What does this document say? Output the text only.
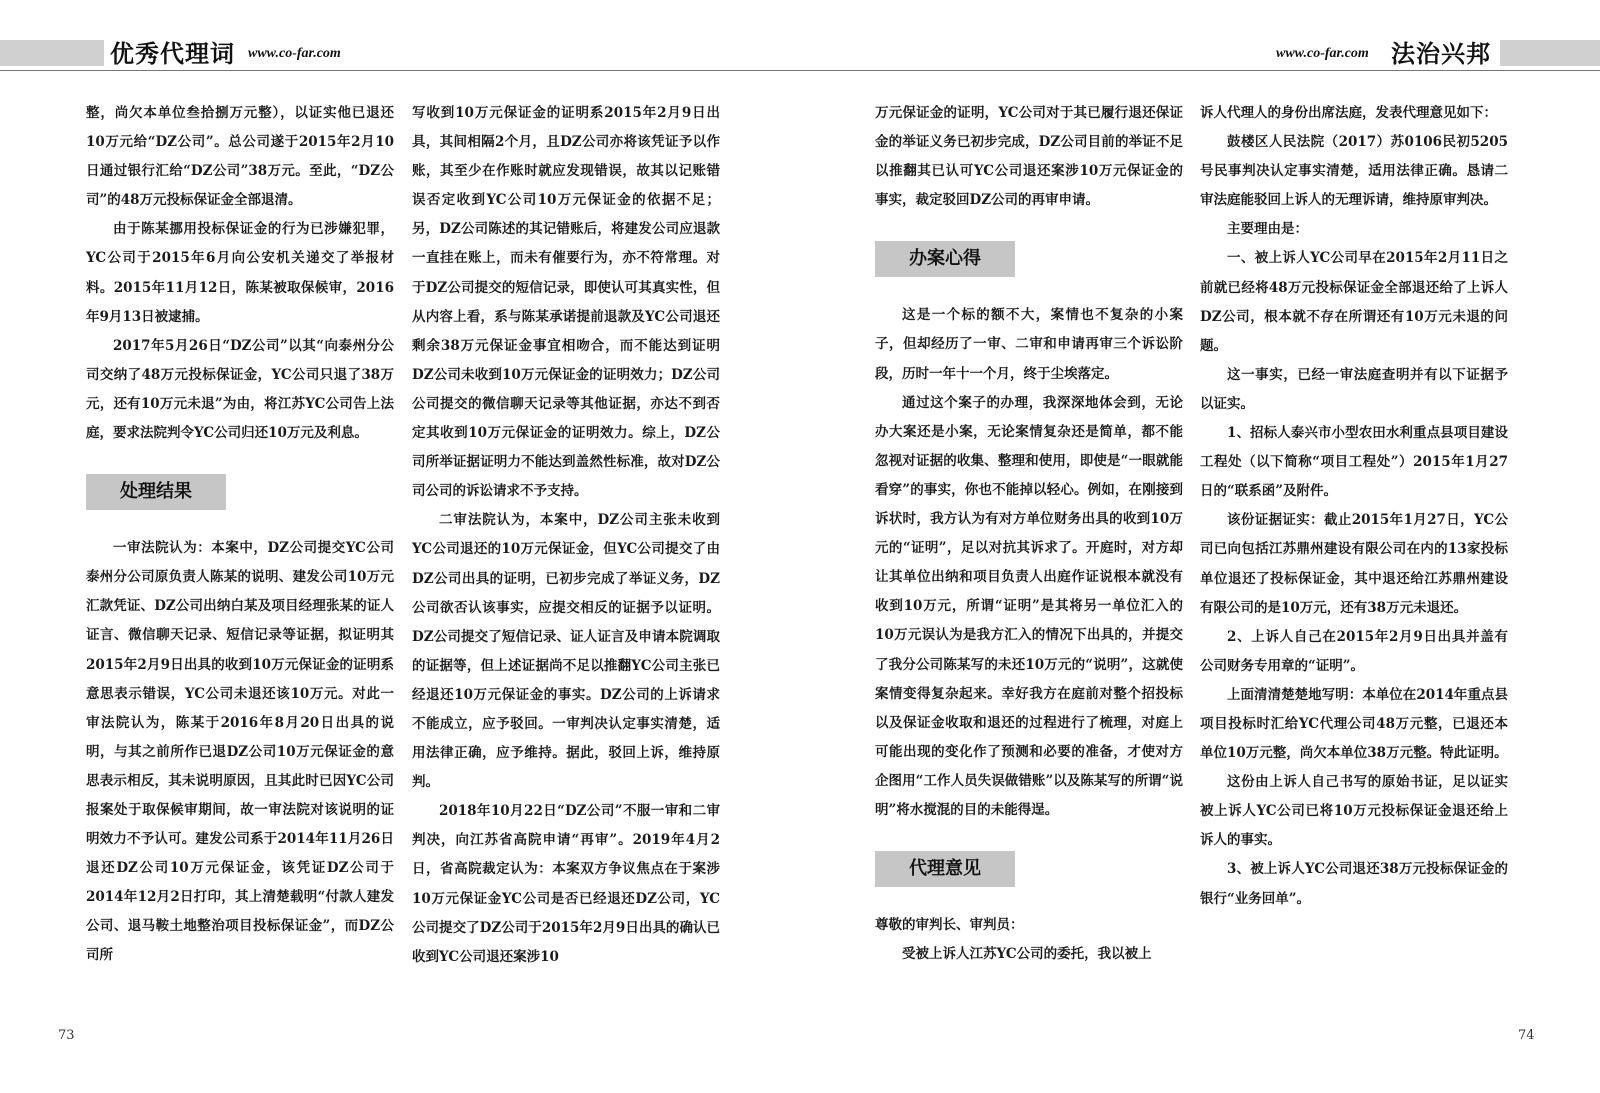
优秀代理词 www.co-far.com	www.co-far.com 法治兴邦

整，尚欠本单位叁拾捌万元整），以证实他已退还10万元给“DZ公司”。总公司遂于2015年2月10日通过银行汇给“DZ公司”38万元。至此，“DZ公司”的48万元投标保证金全部退清。

由于陈某挪用投标保证金的行为已涉嫌犯罪，YC公司于2015年6月向公安机关递交了举报材料。2015年11月12日，陈某被取保候审，2016年9月13日被逮捕。

2017年5月26日“DZ公司”以其“向泰州分公司交纳了48万元投标保证金，YC公司只退了38万元，还有10万元未退”为由，将江苏YC公司告上法庭，要求法院判令YC公司归还10万元及利息。

处理结果

一审法院认为：本案中，DZ公司提交YC公司泰州分公司原负责人陈某的说明、建发公司10万元汇款凭证、DZ公司出纳白某及项目经理张某的证人证言、微信聊天记录、短信记录等证据，拟证明其2015年2月9日出具的收到10万元保证金的证明系意思表示错误，YC公司未退还该10万元。对此一审法院认为，陈某于2016年8月20日出具的说明，与其之前所作已退DZ公司10万元保证金的意思表示相反，其未说明原因，且其此时已因YC公司报案处于取保候审期间，故一审法院对该说明的证明效力不予认可。建发公司系于2014年11月26日退还DZ公司10万元保证金，该凭证DZ公司于2014年12月2日打印，其上清楚载明“付款人建发公司、退马鞍土地整治项目投标保证金”，而DZ公司所

写收到10万元保证金的证明系2015年2月9日出具，其间相隔2个月，且DZ公司亦将该凭证予以作账，其至少在作账时就应发现错误，故其以记账错误否定收到YC公司10万元保证金的依据不足；另，DZ公司陈述的其记错账后，将建发公司应退款一直挂在账上，而未有催要行为，亦不符常理。对于DZ公司提交的短信记录，即使认可其真实性，但从内容上看，系与陈某承诺提前退款及YC公司退还剩余38万元保证金事宜相吻合，而不能达到证明DZ公司未收到10万元保证金的证明效力；DZ公司公司提交的微信聊天记录等其他证据，亦达不到否定其收到10万元保证金的证明效力。综上，DZ公司所举证据证明力不能达到盖然性标准，故对DZ公司公司的诉讼请求不予支持。

二审法院认为，本案中，DZ公司主张未收到YC公司退还的10万元保证金，但YC公司提交了由DZ公司出具的证明，已初步完成了举证义务，DZ公司欲否认该事实，应提交相反的证据予以证明。DZ公司提交了短信记录、证人证言及申请本院调取的证据等，但上述证据尚不足以推翻YC公司主张已经退还10万元保证金的事实。DZ公司的上诉请求不能成立，应予驳回。一审判决认定事实清楚，适用法律正确，应予维持。据此，驳回上诉，维持原判。

2018年10月22日“DZ公司”不服一审和二审判决，向江苏省高院申请“再审”。2019年4月2日，省高院裁定认为：本案双方争议焦点在于案涉10万元保证金YC公司是否已经退还DZ公司，YC公司提交了DZ公司于2015年2月9日出具的确认已收到YC公司退还案涉10

万元保证金的证明，YC公司对于其已履行退还保证金的举证义务已初步完成，DZ公司目前的举证不足以推翻其已认可YC公司退还案涉10万元保证金的事实，裁定驳回DZ公司的再审申请。

办案心得

这是一个标的额不大，案情也不复杂的小案子，但却经历了一审、二审和申请再审三个诉讼阶段，历时一年十一个月，终于尘埃落定。

通过这个案子的办理，我深深地体会到，无论办大案还是小案，无论案情复杂还是简单，都不能忽视对证据的收集、整理和使用，即使是“一眼就能看穿”的事实，你也不能掉以轻心。例如，在刚接到诉状时，我方认为有对方单位财务出具的收到10万元的“证明”，足以对抗其诉求了。开庭时，对方却让其单位出纳和项目负责人出庭作证说根本就没有收到10万元，所谓“证明”是其将另一单位汇入的10万元误认为是我方汇入的情况下出具的，并提交了我分公司陈某写的未还10万元的“说明”，这就使案情变得复杂起来。幸好我方在庭前对整个招投标以及保证金收取和退还的过程进行了梳理，对庭上可能出现的变化作了预测和必要的准备，才使对方企图用“工作人员失误做错账”以及陈某写的所谓“说明”将水搅混的目的未能得逞。

代理意见

尊敬的审判长、审判员：

受被上诉人江苏YC公司的委托，我以被上

诉人代理人的身份出席法庭，发表代理意见如下：

鼓楼区人民法院（2017）苏0106民初5205号民事判决认定事实清楚，适用法律正确。恳请二审法庭能驳回上诉人的无理诉请，维持原审判决。

主要理由是：

一、被上诉人YC公司早在2015年2月11日之前就已经将48万元投标保证金全部退还给了上诉人DZ公司，根本就不存在所谓还有10万元未退的问题。

这一事实，已经一审法庭查明并有以下证据予以证实。

1、招标人泰兴市小型农田水利重点县项目建设工程处（以下简称“项目工程处”）2015年1月27日的“联系函”及附件。

该份证据证实：截止2015年1月27日，YC公司已向包括江苏鼎州建设有限公司在内的13家投标单位退还了投标保证金，其中退还给江苏鼎州建设有限公司的是10万元，还有38万元未退还。

2、上诉人自己在2015年2月9日出具并盖有公司财务专用章的“证明”。

上面清清楚楚地写明：本单位在2014年重点县项目投标时汇给YC代理公司48万元整，已退还本单位10万元整，尚欠本单位38万元整。特此证明。

这份由上诉人自己书写的原始书证，足以证实被上诉人YC公司已将10万元投标保证金退还给上诉人的事实。

3、被上诉人YC公司退还38万元投标保证金的银行“业务回单”。

73	74
